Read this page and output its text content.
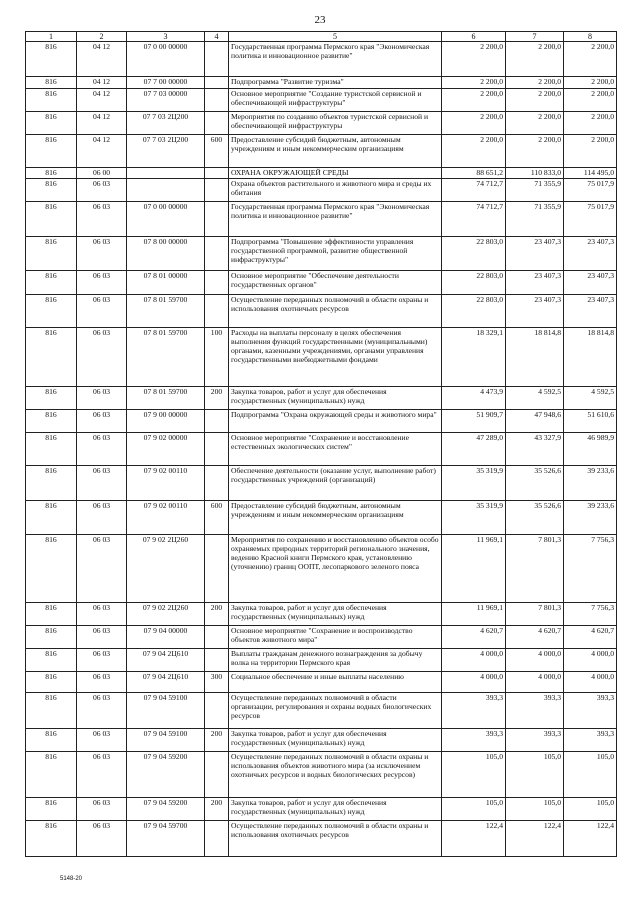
23
1	2	3	4	5	6	7	8
816	04 12	07 0 00 00000		Государственная программа Пермского края "Экономическая политика и инновационное развитие"	2 200,0	2 200,0	2 200,0
816	04 12	07 7 00 00000		Подпрограмма "Развитие туризма"	2 200,0	2 200,0	2 200,0
816	04 12	07 7 03 00000		Основное мероприятие "Создание туристской сервисной и обеспечивающей инфраструктуры"	2 200,0	2 200,0	2 200,0
816	04 12	07 7 03 2Ц200		Мероприятия по созданию объектов туристской сервисной и обеспечивающей инфраструктуры	2 200,0	2 200,0	2 200,0
816	04 12	07 7 03 2Ц200	600	Предоставление субсидий бюджетным, автономным учреждениям и иным некоммерческим организациям	2 200,0	2 200,0	2 200,0
816	06 00			ОХРАНА ОКРУЖАЮЩЕЙ СРЕДЫ	88 651,2	110 833,0	114 495,0
816	06 03			Охрана объектов растительного и животного мира и среды их обитания	74 712,7	71 355,9	75 017,9
816	06 03	07 0 00 00000		Государственная программа Пермского края "Экономическая политика и инновационное развитие"	74 712,7	71 355,9	75 017,9
816	06 03	07 8 00 00000		Подпрограмма "Повышение эффективности управления государственной программой, развитие общественной инфраструктуры"	22 803,0	23 407,3	23 407,3
816	06 03	07 8 01 00000		Основное мероприятие "Обеспечение деятельности государственных органов"	22 803,0	23 407,3	23 407,3
816	06 03	07 8 01 59700		Осуществление переданных полномочий в области охраны и использования охотничьих ресурсов	22 803,0	23 407,3	23 407,3
816	06 03	07 8 01 59700	100	Расходы на выплаты персоналу в целях обеспечения выполнения функций государственными (муниципальными) органами, казенными учреждениями, органами управления государственными внебюджетными фондами	18 329,1	18 814,8	18 814,8
816	06 03	07 8 01 59700	200	Закупка товаров, работ и услуг для обеспечения государственных (муниципальных) нужд	4 473,9	4 592,5	4 592,5
816	06 03	07 9 00 00000		Подпрограмма "Охрана окружающей среды и животного мира"	51 909,7	47 948,6	51 610,6
816	06 03	07 9 02 00000		Основное мероприятие "Сохранение и восстановление естественных экологических систем"	47 289,0	43 327,9	46 989,9
816	06 03	07 9 02 00110		Обеспечение деятельности (оказание услуг, выполнение работ) государственных учреждений (организаций)	35 319,9	35 526,6	39 233,6
816	06 03	07 9 02 00110	600	Предоставление субсидий бюджетным, автономным учреждениям и иным некоммерческим организациям	35 319,9	35 526,6	39 233,6
816	06 03	07 9 02 2Ц260		Мероприятия по сохранению и восстановлению объектов особо охраняемых природных территорий регионального значения, ведению Красной книги Пермского края, установлению (уточнению) границ ООПТ, лесопаркового зеленого пояса	11 969,1	7 801,3	7 756,3
816	06 03	07 9 02 2Ц260	200	Закупка товаров, работ и услуг для обеспечения государственных (муниципальных) нужд	11 969,1	7 801,3	7 756,3
816	06 03	07 9 04 00000		Основное мероприятие "Сохранение и воспроизводство объектов животного мира"	4 620,7	4 620,7	4 620,7
816	06 03	07 9 04 2Ц610		Выплаты гражданам денежного вознаграждения за добычу волка на территории Пермского края	4 000,0	4 000,0	4 000,0
816	06 03	07 9 04 2Ц610	300	Социальное обеспечение и иные выплаты населению	4 000,0	4 000,0	4 000,0
816	06 03	07 9 04 59100		Осуществление переданных полномочий в области организации, регулирования и охраны водных биологических ресурсов	393,3	393,3	393,3
816	06 03	07 9 04 59100	200	Закупка товаров, работ и услуг для обеспечения государственных (муниципальных) нужд	393,3	393,3	393,3
816	06 03	07 9 04 59200		Осуществление переданных полномочий в области охраны и использования объектов животного мира (за исключением охотничьих ресурсов и водных биологических ресурсов)	105,0	105,0	105,0
816	06 03	07 9 04 59200	200	Закупка товаров, работ и услуг для обеспечения государственных (муниципальных) нужд	105,0	105,0	105,0
816	06 03	07 9 04 59700		Осуществление переданных полномочий в области охраны и использования охотничьих ресурсов	122,4	122,4	122,4
5148-20
